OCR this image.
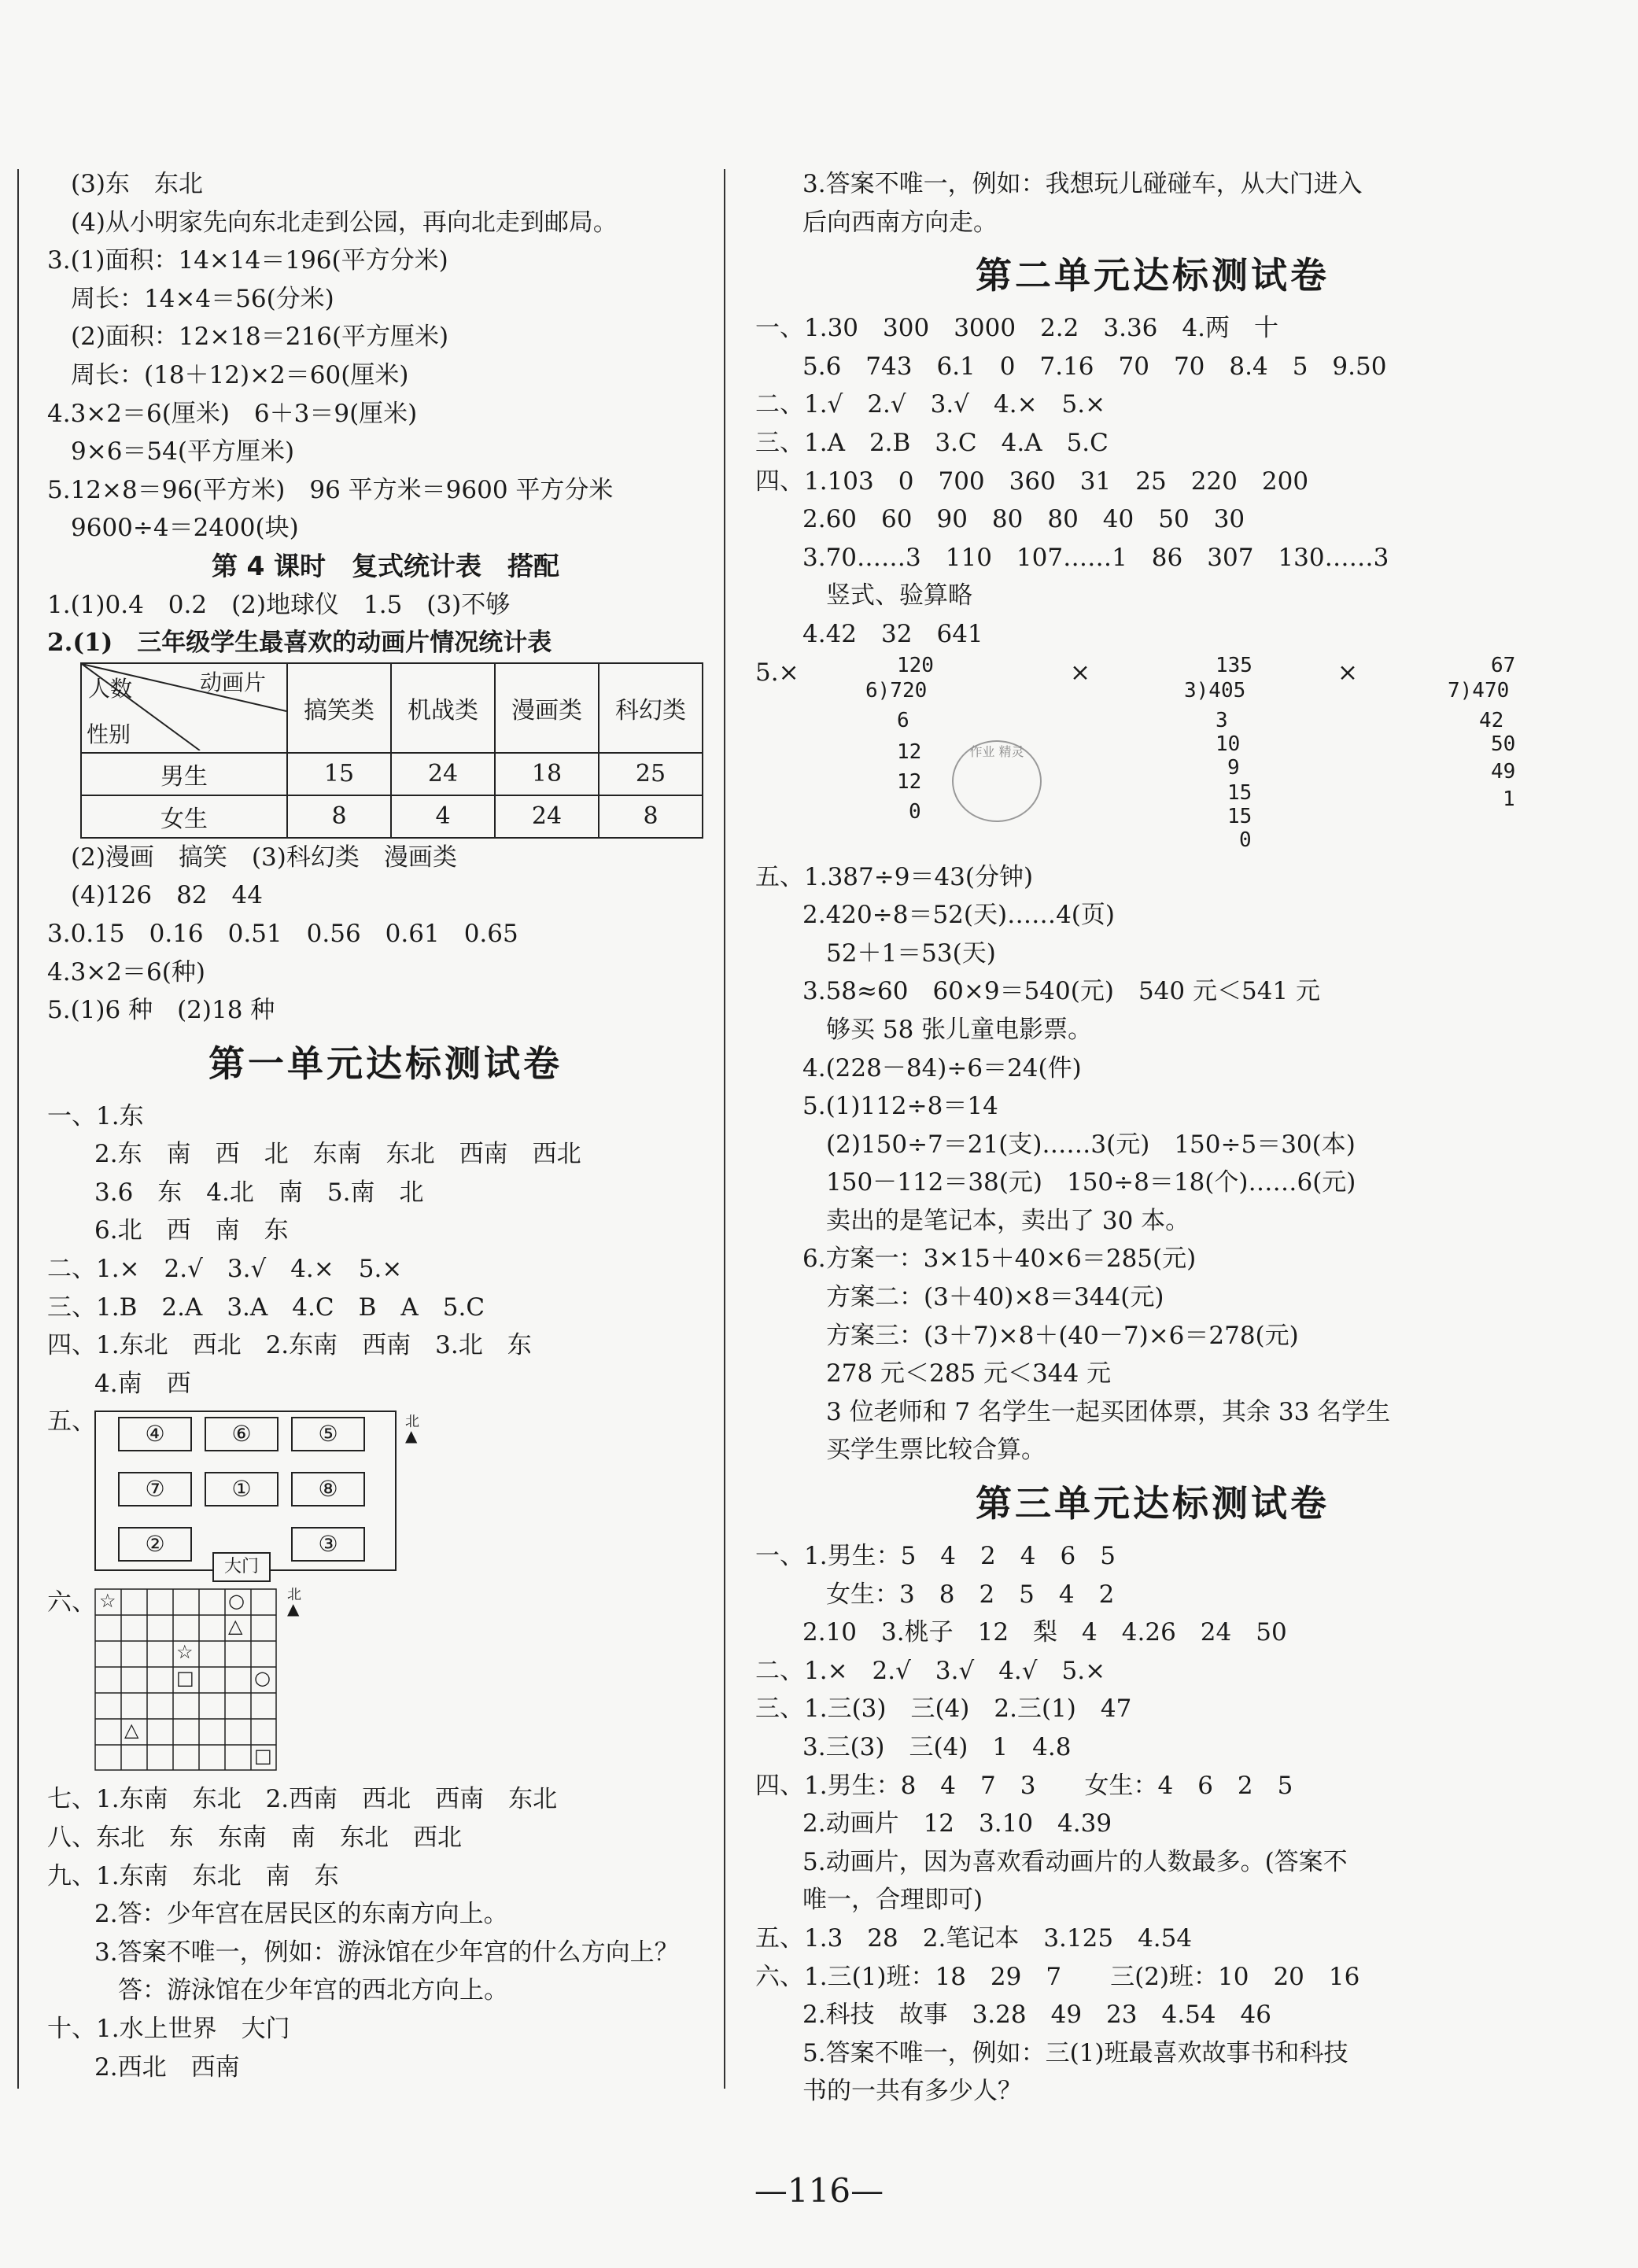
(3)东　东北
(4)从小明家先向东北走到公园，再向北走到邮局。
3.(1)面积：14×14＝196(平方分米)
周长：14×4＝56(分米)
(2)面积：12×18＝216(平方厘米)
周长：(18＋12)×2＝60(厘米)
4.3×2＝6(厘米)　6＋3＝9(厘米)
9×6＝54(平方厘米)
5.12×8＝96(平方米)　96 平方米＝9600 平方分米
9600÷4＝2400(块)
第 4 课时　复式统计表　搭配
1.(1)0.4　0.2　(2)地球仪　1.5　(3)不够
2.(1)　三年级学生最喜欢的动画片情况统计表
动画片
人数
性别	搞笑类	机战类	漫画类	科幻类
男生	15	24	18	25
女生	8	4	24	8
(2)漫画　搞笑　(3)科幻类　漫画类
(4)126　82　44
3.0.15　0.16　0.51　0.56　0.61　0.65
4.3×2＝6(种)
5.(1)6 种　(2)18 种
第一单元达标测试卷
一、1.东
2.东　南　西　北　东南　东北　西南　西北
3.6　东　4.北　南　5.南　北
6.北　西　南　东
二、1.×　2.√　3.√　4.×　5.×
三、1.B　2.A　3.A　4.C　B　A　5.C
四、1.东北　西北　2.东南　西南　3.北　东
4.南　西
五、	④	⑥	⑤
⑦	①	⑧
②	③
大门
北
▲
六、 ☆	○
△
☆
□	○
△
□
北
▲
七、1.东南　东北　2.西南　西北　西南　东北
八、东北　东　东南　南　东北　西北
九、1.东南　东北　南　东
2.答：少年宫在居民区的东南方向上。
3.答案不唯一，例如：游泳馆在少年宫的什么方向上？
答：游泳馆在少年宫的西北方向上。
十、1.水上世界　大门
2.西北　西南
3.答案不唯一，例如：我想玩儿碰碰车，从大门进入
后向西南方向走。
第二单元达标测试卷
一、1.30　300　3000　2.2　3.36　4.两　十
5.6　743　6.1　0　7.16　70　70　8.4　5　9.50
二、1.√　2.√　3.√　4.×　5.×
三、1.A　2.B　3.C　4.A　5.C
四、1.103　0　700　360　31　25　220　200
2.60　60　90　80　80　40　50　30
3.70……3　110　107……1　86　307　130……3
竖式、验算略
4.42　32　641
5.×	120
6)720
6
12
12
0
作业 精灵
×	135
3)405
3
10
9
15
15
0
×	67
7)470
42
50
49
1
五、1.387÷9＝43(分钟)
2.420÷8＝52(天)……4(页)
52＋1＝53(天)
3.58≈60　60×9＝540(元)　540 元＜541 元
够买 58 张儿童电影票。
4.(228－84)÷6＝24(件)
5.(1)112÷8＝14
(2)150÷7＝21(支)……3(元)　150÷5＝30(本)
150－112＝38(元)　150÷8＝18(个)……6(元)
卖出的是笔记本，卖出了 30 本。
6.方案一：3×15＋40×6＝285(元)
方案二：(3＋40)×8＝344(元)
方案三：(3＋7)×8＋(40－7)×6＝278(元)
278 元＜285 元＜344 元
3 位老师和 7 名学生一起买团体票，其余 33 名学生
买学生票比较合算。
第三单元达标测试卷
一、1.男生：5　4　2　4　6　5
女生：3　8　2　5　4　2
2.10　3.桃子　12　梨　4　4.26　24　50
二、1.×　2.√　3.√　4.√　5.×
三、1.三(3)　三(4)　2.三(1)　47
3.三(3)　三(4)　1　4.8
四、1.男生：8　4　7　3　　女生：4　6　2　5
2.动画片　12　3.10　4.39
5.动画片，因为喜欢看动画片的人数最多。(答案不
唯一，合理即可)
五、1.3　28　2.笔记本　3.125　4.54
六、1.三(1)班：18　29　7　　三(2)班：10　20　16
2.科技　故事　3.28　49　23　4.54　46
5.答案不唯一，例如：三(1)班最喜欢故事书和科技
书的一共有多少人？
—116—
